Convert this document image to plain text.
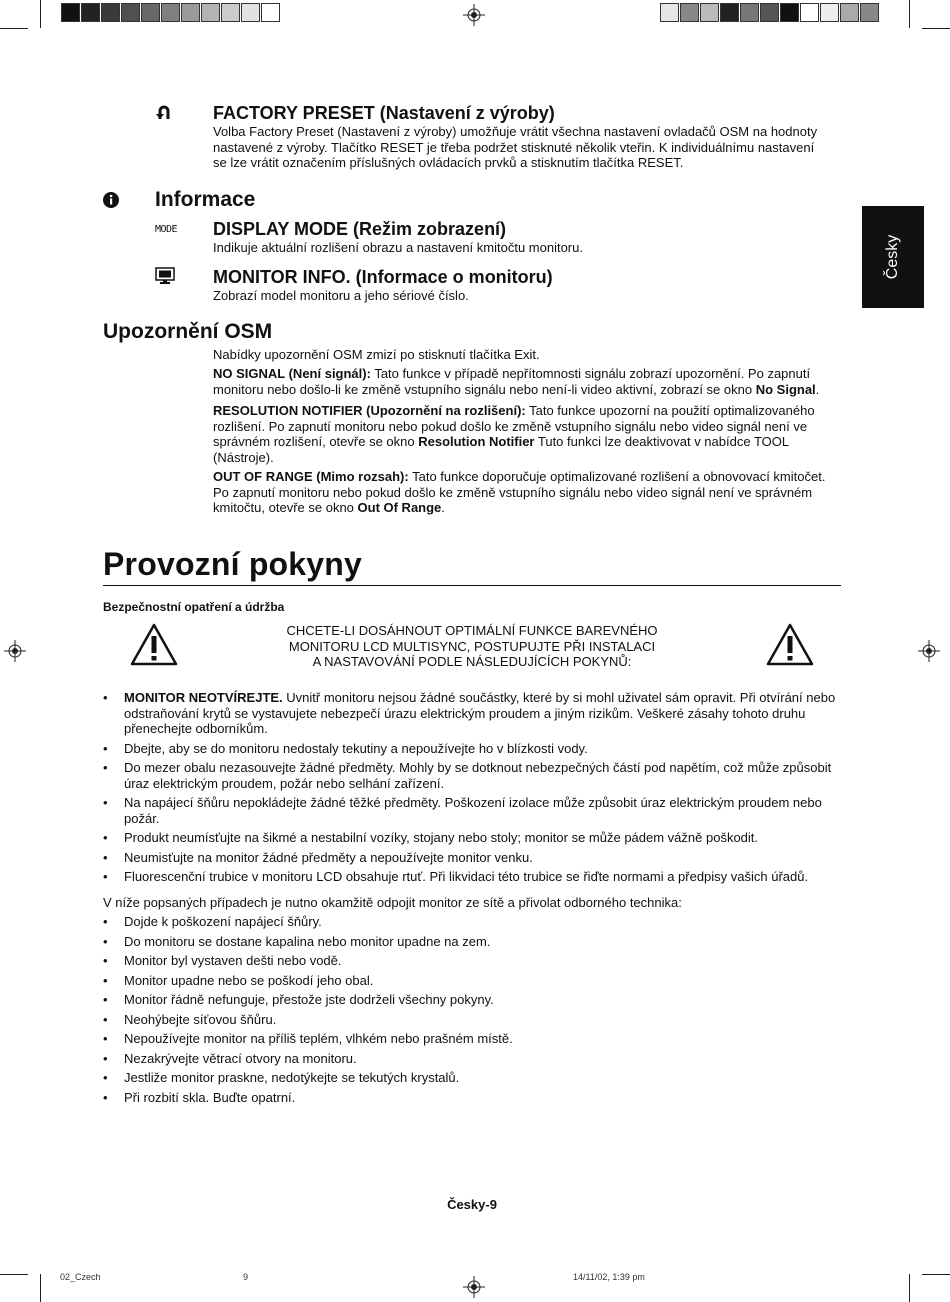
Česky
FACTORY PRESET (Nastavení z výroby)
Volba Factory Preset (Nastavení z výroby) umožňuje vrátit všechna nastavení ovladačů OSM na hodnoty nastavené z výroby. Tlačítko RESET je třeba podržet stisknuté několik vteřin. K individuálnímu nastavení se lze vrátit označením příslušných ovládacích prvků a stisknutím tlačítka RESET.
Informace
MODE DISPLAY MODE (Režim zobrazení)
Indikuje aktuální rozlišení obrazu a nastavení kmitočtu monitoru.
MONITOR INFO. (Informace o monitoru)
Zobrazí model monitoru a jeho sériové číslo.
Upozornění OSM
Nabídky upozornění OSM zmizí po stisknutí tlačítka Exit.
NO SIGNAL (Není signál): Tato funkce v případě nepřítomnosti signálu zobrazí upozornění. Po zapnutí monitoru nebo došlo-li ke změně vstupního signálu nebo není-li video aktivní, zobrazí se okno No Signal.
RESOLUTION NOTIFIER (Upozornění na rozlišení): Tato funkce upozorní na použití optimalizovaného rozlišení. Po zapnutí monitoru nebo pokud došlo ke změně vstupního signálu nebo video signál není ve správném rozlišení, otevře se okno Resolution Notifier Tuto funkci lze deaktivovat v nabídce TOOL (Nástroje).
OUT OF RANGE (Mimo rozsah): Tato funkce doporučuje optimalizované rozlišení a obnovovací kmitočet. Po zapnutí monitoru nebo pokud došlo ke změně vstupního signálu nebo video signál není ve správném kmitočtu, otevře se okno Out Of Range.
Provozní pokyny
Bezpečnostní opatření a údržba
CHCETE-LI DOSÁHNOUT OPTIMÁLNÍ FUNKCE BAREVNÉHO
MONITORU LCD MULTISYNC, POSTUPUJTE PŘI INSTALACI
A NASTAVOVÁNÍ PODLE NÁSLEDUJÍCÍCH POKYNŮ:
• MONITOR NEOTVÍREJTE. Uvnitř monitoru nejsou žádné součástky, které by si mohl uživatel sám opravit. Při otvírání nebo odstraňování krytů se vystavujete nebezpečí úrazu elektrickým proudem a jiným rizikům. Veškeré zásahy tohoto druhu přenechejte odborníkům.
• Dbejte, aby se do monitoru nedostaly tekutiny a nepoužívejte ho v blízkosti vody.
• Do mezer obalu nezasouvejte žádné předměty. Mohly by se dotknout nebezpečných částí pod napětím, což může způsobit úraz elektrickým proudem, požár nebo selhání zařízení.
• Na napájecí šňůru nepokládejte žádné těžké předměty. Poškození izolace může způsobit úraz elektrickým proudem nebo požár.
• Produkt neumísťujte na šikmé a nestabilní vozíky, stojany nebo stoly; monitor se může pádem vážně poškodit.
• Neumisťujte na monitor žádné předměty a nepoužívejte monitor venku.
• Fluorescenční trubice v monitoru LCD obsahuje rtuť. Při likvidaci této trubice se řiďte normami a předpisy vašich úřadů.
V níže popsaných případech je nutno okamžitě odpojit monitor ze sítě a přivolat odborného technika:
• Dojde k poškození napájecí šňůry.
• Do monitoru se dostane kapalina nebo monitor upadne na zem.
• Monitor byl vystaven dešti nebo vodě.
• Monitor upadne nebo se poškodí jeho obal.
• Monitor řádně nefunguje, přestože jste dodrželi všechny pokyny.
• Neohýbejte síťovou šňůru.
• Nepoužívejte monitor na příliš teplém, vlhkém nebo prašném místě.
• Nezakrývejte větrací otvory na monitoru.
• Jestliže monitor praskne, nedotýkejte se tekutých krystalů.
• Při rozbití skla. Buďte opatrní.
Česky-9
02_Czech	9	14/11/02, 1:39 pm
